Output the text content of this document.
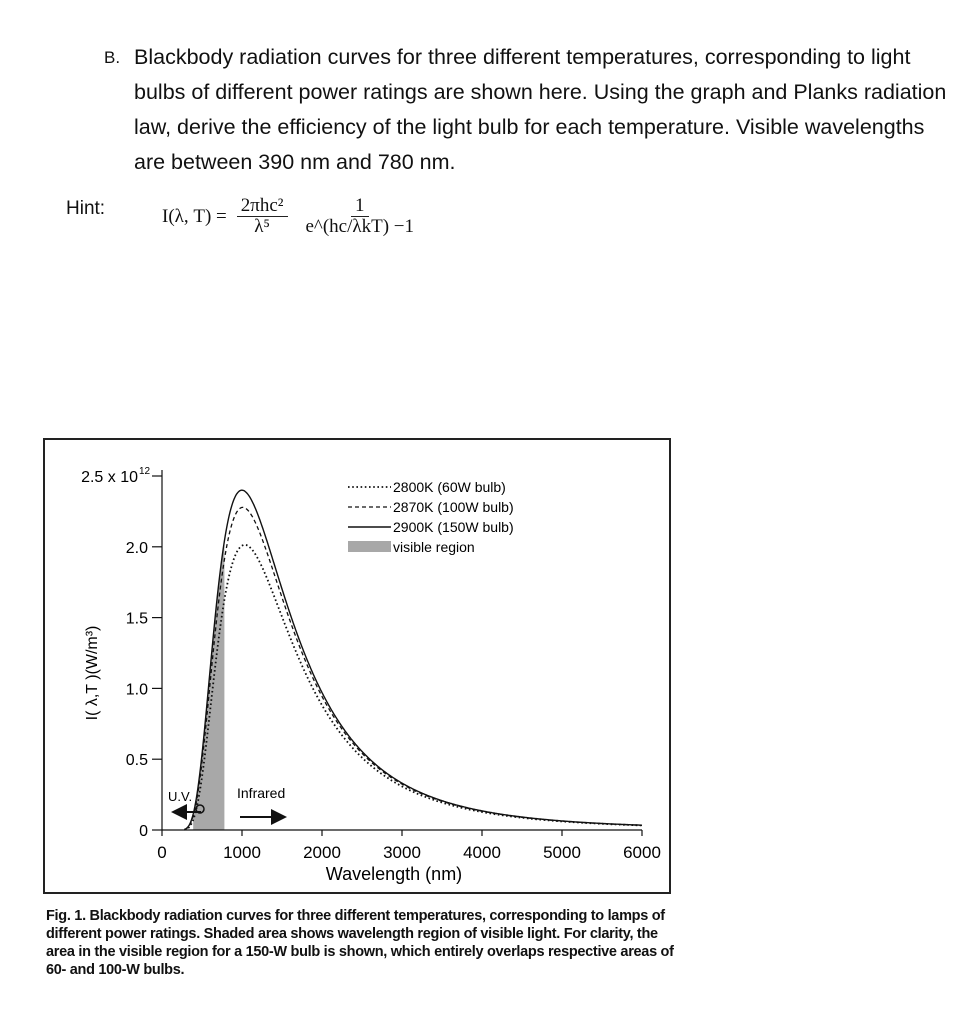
B. Blackbody radiation curves for three different temperatures, corresponding to light bulbs of different power ratings are shown here. Using the graph and Planks radiation law, derive the efficiency of the light bulb for each temperature. Visible wavelengths are between 390 nm and 780 nm.
Hint:	I(λ, $T) = \frac{\text{2πhc²}}{\text{λ⁵}} \frac{1}{\text{e\textasciicircum{}(hc/λkT) −1}}$
0
0.5
1.0
1.5
2.0
2.5 x 10 12
0	1000 2000 3000 4000 5000 6000
Wavelength (nm)
I( λ,T )(W/m³)
2800K (60W bulb)
2870K (100W bulb)
2900K (150W bulb)
visible region
U.V.	Infrared
Fig. 1. Blackbody radiation curves for three different temperatures, corresponding to lamps of different power ratings. Shaded area shows wavelength region of visible light. For clarity, the area in the visible region for a 150-W bulb is shown, which entirely overlaps respective areas of 60- and 100-W bulbs.
